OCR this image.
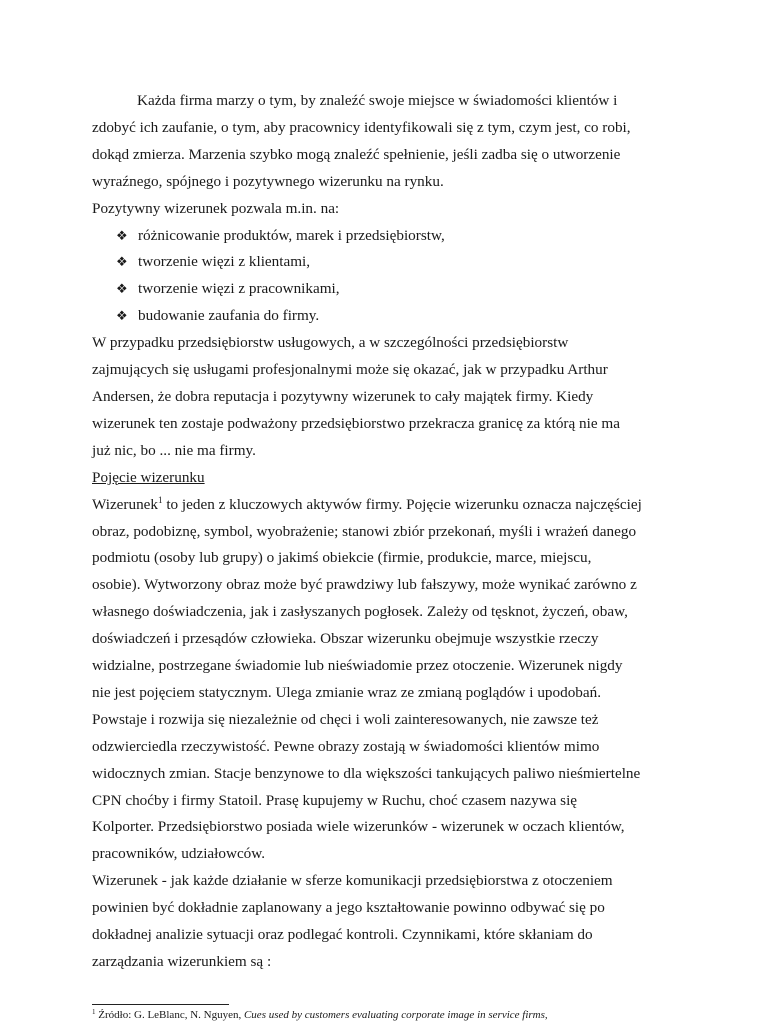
Każda firma marzy o tym, by znaleźć swoje miejsce w świadomości klientów i zdobyć ich zaufanie, o tym, aby pracownicy identyfikowali się z tym, czym jest, co robi, dokąd zmierza. Marzenia szybko mogą znaleźć spełnienie, jeśli zadba się o utworzenie wyraźnego, spójnego i pozytywnego wizerunku na rynku.

Pozytywny wizerunek pozwala m.in. na:

❖ różnicowanie produktów, marek i przedsiębiorstw,
❖ tworzenie więzi z klientami,
❖ tworzenie więzi z pracownikami,
❖ budowanie zaufania do firmy.

W przypadku przedsiębiorstw usługowych, a w szczególności przedsiębiorstw zajmujących się usługami profesjonalnymi może się okazać, jak w przypadku Arthur Andersen, że dobra reputacja i pozytywny wizerunek to cały majątek firmy. Kiedy wizerunek ten zostaje podważony przedsiębiorstwo przekracza granicę za którą nie ma już nic, bo ... nie ma firmy.

Pojęcie wizerunku

Wizerunek$^1$ to jeden z kluczowych aktywów firmy. Pojęcie wizerunku oznacza najczęściej obraz, podobiznę, symbol, wyobrażenie; stanowi zbiór przekonań, myśli i wrażeń danego podmiotu (osoby lub grupy) o jakimś obiekcie (firmie, produkcie, marce, miejscu, osobie). Wytworzony obraz może być prawdziwy lub fałszywy, może wynikać zarówno z własnego doświadczenia, jak i zasłyszanych pogłosek. Zależy od tęsknot, życzeń, obaw, doświadczeń i przesądów człowieka. Obszar wizerunku obejmuje wszystkie rzeczy widzialne, postrzegane świadomie lub nieświadomie przez otoczenie. Wizerunek nigdy nie jest pojęciem statycznym. Ulega zmianie wraz ze zmianą poglądów i upodobań. Powstaje i rozwija się niezależnie od chęci i woli zainteresowanych, nie zawsze też odzwierciedla rzeczywistość. Pewne obrazy zostają w świadomości klientów mimo widocznych zmian. Stacje benzynowe to dla większości tankujących paliwo nieśmiertelne CPN choćby i firmy Statoil. Prasę kupujemy w Ruchu, choć czasem nazywa się Kolporter. Przedsiębiorstwo posiada wiele wizerunków - wizerunek w oczach klientów, pracowników, udziałowców.

Wizerunek - jak każde działanie w sferze komunikacji przedsiębiorstwa z otoczeniem powinien być dokładnie zaplanowany a jego kształtowanie powinno odbywać się po dokładnej analizie sytuacji oraz podlegać kontroli. Czynnikami, które skłaniam do zarządzania wizerunkiem są :

$^1$ Źródło: G. LeBlanc, N. Nguyen, Cues used by customers evaluating corporate image in service firms,
